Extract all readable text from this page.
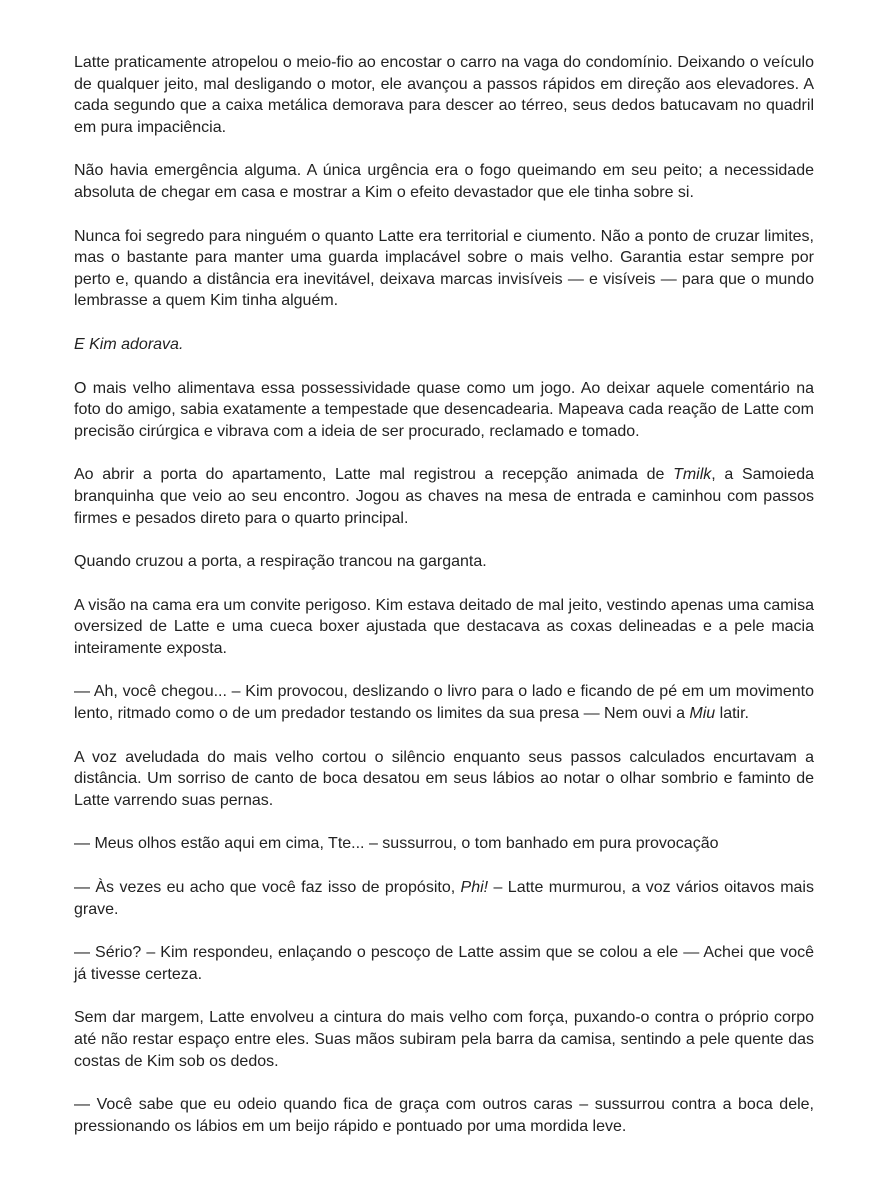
Latte praticamente atropelou o meio-fio ao encostar o carro na vaga do condomínio. Deixando o veículo de qualquer jeito, mal desligando o motor, ele avançou a passos rápidos em direção aos elevadores. A cada segundo que a caixa metálica demorava para descer ao térreo, seus dedos batucavam no quadril em pura impaciência.

Não havia emergência alguma. A única urgência era o fogo queimando em seu peito; a necessidade absoluta de chegar em casa e mostrar a Kim o efeito devastador que ele tinha sobre si.

Nunca foi segredo para ninguém o quanto Latte era territorial e ciumento. Não a ponto de cruzar limites, mas o bastante para manter uma guarda implacável sobre o mais velho. Garantia estar sempre por perto e, quando a distância era inevitável, deixava marcas invisíveis — e visíveis — para que o mundo lembrasse a quem Kim tinha alguém.

E Kim adorava.

O mais velho alimentava essa possessividade quase como um jogo. Ao deixar aquele comentário na foto do amigo, sabia exatamente a tempestade que desencadearia. Mapeava cada reação de Latte com precisão cirúrgica e vibrava com a ideia de ser procurado, reclamado e tomado.

Ao abrir a porta do apartamento, Latte mal registrou a recepção animada de Tmilk, a Samoieda branquinha que veio ao seu encontro. Jogou as chaves na mesa de entrada e caminhou com passos firmes e pesados direto para o quarto principal.

Quando cruzou a porta, a respiração trancou na garganta.

A visão na cama era um convite perigoso. Kim estava deitado de mal jeito, vestindo apenas uma camisa oversized de Latte e uma cueca boxer ajustada que destacava as coxas delineadas e a pele macia inteiramente exposta.

— Ah, você chegou... – Kim provocou, deslizando o livro para o lado e ficando de pé em um movimento lento, ritmado como o de um predador testando os limites da sua presa — Nem ouvi a Miu latir.

A voz aveludada do mais velho cortou o silêncio enquanto seus passos calculados encurtavam a distância. Um sorriso de canto de boca desatou em seus lábios ao notar o olhar sombrio e faminto de Latte varrendo suas pernas.

— Meus olhos estão aqui em cima, Tte... – sussurrou, o tom banhado em pura provocação

— Às vezes eu acho que você faz isso de propósito, Phi! – Latte murmurou, a voz vários oitavos mais grave.

— Sério? – Kim respondeu, enlaçando o pescoço de Latte assim que se colou a ele — Achei que você já tivesse certeza.

Sem dar margem, Latte envolveu a cintura do mais velho com força, puxando-o contra o próprio corpo até não restar espaço entre eles. Suas mãos subiram pela barra da camisa, sentindo a pele quente das costas de Kim sob os dedos.

— Você sabe que eu odeio quando fica de graça com outros caras – sussurrou contra a boca dele, pressionando os lábios em um beijo rápido e pontuado por uma mordida leve.
